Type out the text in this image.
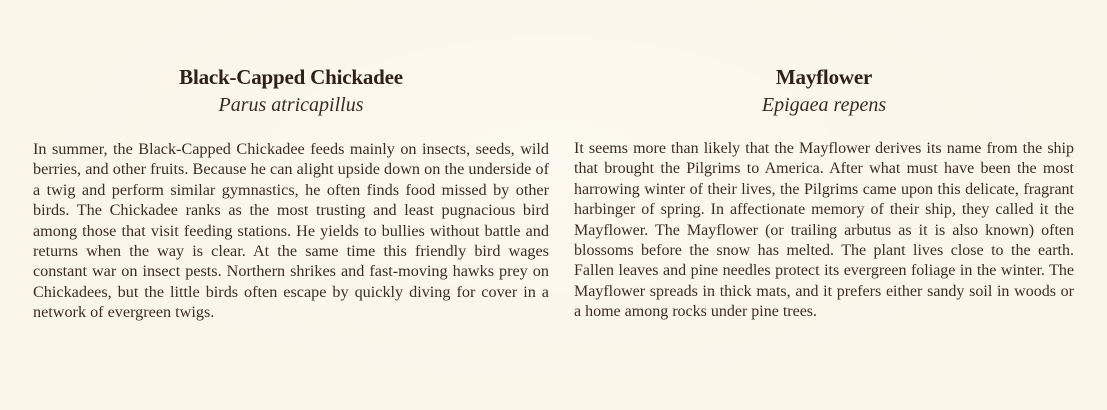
Black-Capped Chickadee
Parus atricapillus

In summer, the Black-Capped Chickadee feeds mainly on insects, seeds, wild berries, and other fruits. Because he can alight upside down on the underside of a twig and perform similar gymnastics, he often finds food missed by other birds. The Chickadee ranks as the most trusting and least pugnacious bird among those that visit feeding stations. He yields to bullies without battle and returns when the way is clear. At the same time this friendly bird wages constant war on insect pests. Northern shrikes and fast-moving hawks prey on Chickadees, but the little birds often escape by quickly diving for cover in a network of evergreen twigs.

Mayflower
Epigaea repens

It seems more than likely that the Mayflower derives its name from the ship that brought the Pilgrims to America. After what must have been the most harrowing winter of their lives, the Pilgrims came upon this delicate, fragrant harbinger of spring. In affectionate memory of their ship, they called it the Mayflower. The Mayflower (or trailing arbutus as it is also known) often blossoms before the snow has melted. The plant lives close to the earth. Fallen leaves and pine needles protect its evergreen foliage in the winter. The Mayflower spreads in thick mats, and it prefers either sandy soil in woods or a home among rocks under pine trees.
